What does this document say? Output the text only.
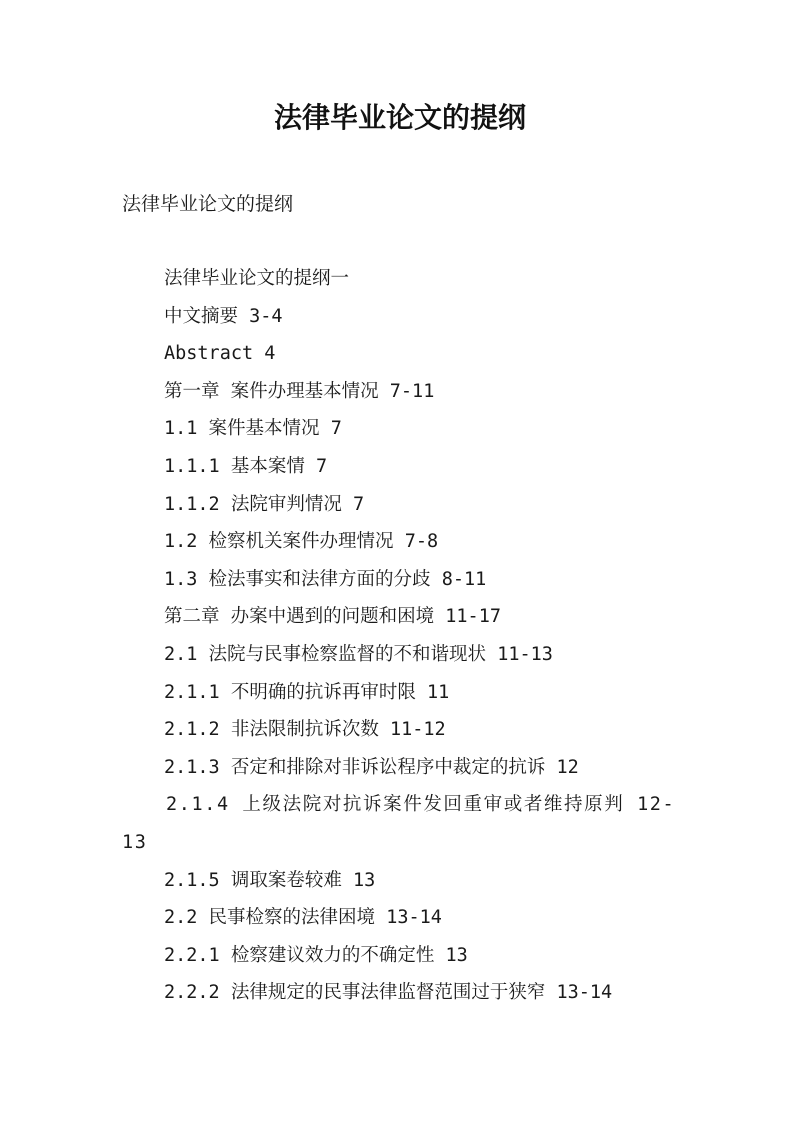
法律毕业论文的提纲
法律毕业论文的提纲
法律毕业论文的提纲一
中文摘要 3-4
Abstract 4
第一章 案件办理基本情况 7-11
1.1 案件基本情况 7
1.1.1 基本案情 7
1.1.2 法院审判情况 7
1.2 检察机关案件办理情况 7-8
1.3 检法事实和法律方面的分歧 8-11
第二章 办案中遇到的问题和困境 11-17
2.1 法院与民事检察监督的不和谐现状 11-13
2.1.1 不明确的抗诉再审时限 11
2.1.2 非法限制抗诉次数 11-12
2.1.3 否定和排除对非诉讼程序中裁定的抗诉 12
2.1.4 上级法院对抗诉案件发回重审或者维持原判 12-13
2.1.5 调取案卷较难 13
2.2 民事检察的法律困境 13-14
2.2.1 检察建议效力的不确定性 13
2.2.2 法律规定的民事法律监督范围过于狭窄 13-14
